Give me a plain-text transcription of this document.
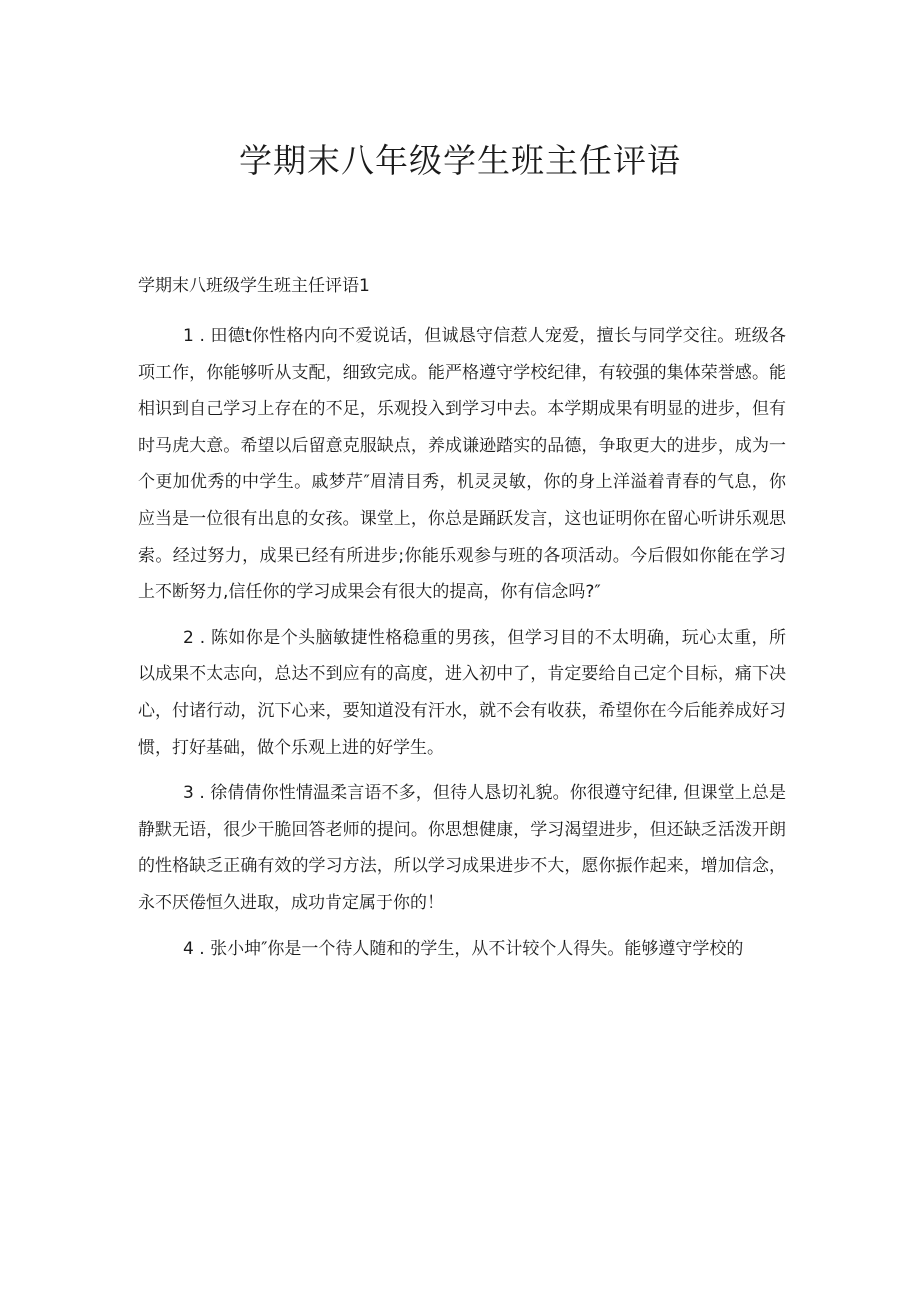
学期末八年级学生班主任评语

学期末八班级学生班主任评语1

1 . 田德t你性格内向不爱说话，但诚恳守信惹人宠爱，擅长与同学交往。班级各项工作，你能够听从支配，细致完成。能严格遵守学校纪律，有较强的集体荣誉感。能相识到自己学习上存在的不足，乐观投入到学习中去。本学期成果有明显的进步，但有时马虎大意。希望以后留意克服缺点，养成谦逊踏实的品德，争取更大的进步，成为一个更加优秀的中学生。戚梦芹″眉清目秀，机灵灵敏，你的身上洋溢着青春的气息，你应当是一位很有出息的女孩。课堂上，你总是踊跃发言，这也证明你在留心听讲乐观思索。经过努力，成果已经有所进步;你能乐观参与班的各项活动。今后假如你能在学习上不断努力,信任你的学习成果会有很大的提高，你有信念吗?″

2 . 陈如你是个头脑敏捷性格稳重的男孩，但学习目的不太明确，玩心太重，所以成果不太志向，总达不到应有的高度，进入初中了，肯定要给自己定个目标，痛下决心，付诸行动，沉下心来，要知道没有汗水，就不会有收获，希望你在今后能养成好习惯，打好基础，做个乐观上进的好学生。

3 . 徐倩倩你性情温柔言语不多，但待人恳切礼貌。你很遵守纪律, 但课堂上总是静默无语，很少干脆回答老师的提问。你思想健康，学习渴望进步，但还缺乏活泼开朗的性格缺乏正确有效的学习方法，所以学习成果进步不大，愿你振作起来，增加信念，永不厌倦恒久进取，成功肯定属于你的！

4 . 张小坤″你是一个待人随和的学生，从不计较个人得失。能够遵守学校的
